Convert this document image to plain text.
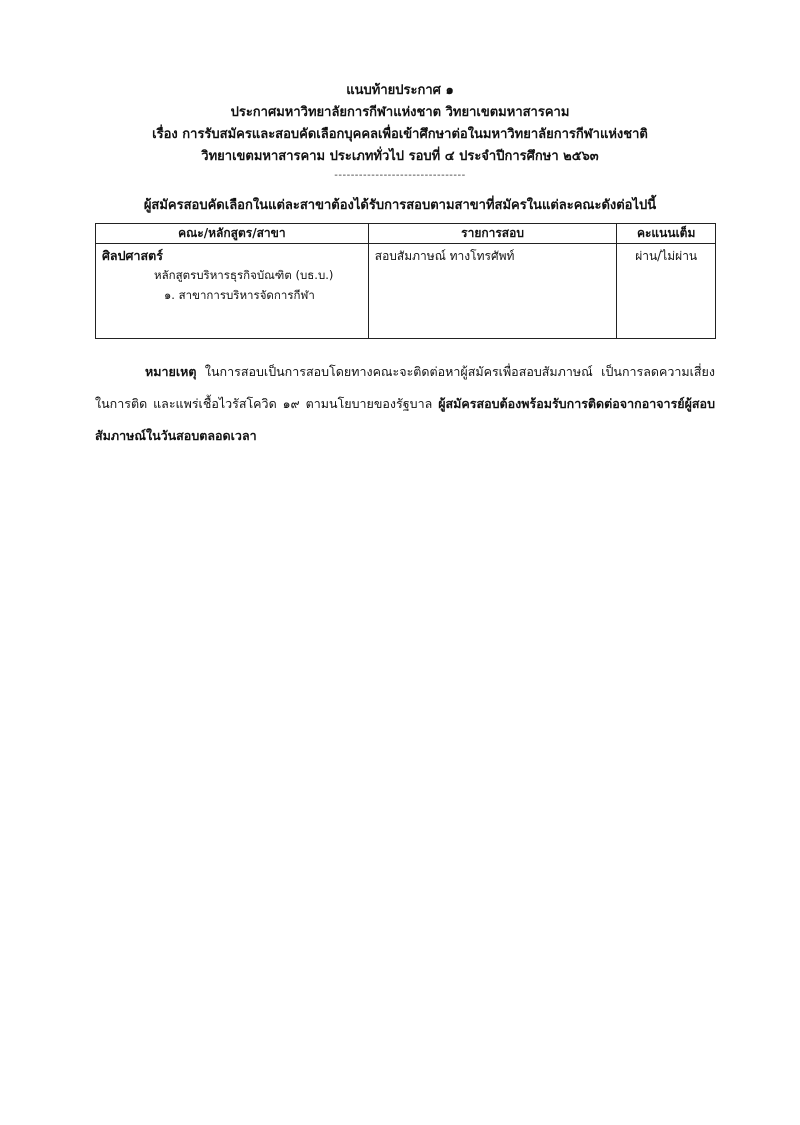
แนบท้ายประกาศ ๑
ประกาศมหาวิทยาลัยการกีฬาแห่งชาต วิทยาเขตมหาสารคาม
เรื่อง การรับสมัครและสอบคัดเลือกบุคคลเพื่อเข้าศึกษาต่อในมหาวิทยาลัยการกีฬาแห่งชาติ
วิทยาเขตมหาสารคาม ประเภททั่วไป รอบที่ ๔ ประจำปีการศึกษา ๒๕๖๓
--------------------------------
ผู้สมัครสอบคัดเลือกในแต่ละสาขาต้องได้รับการสอบตามสาขาที่สมัครในแต่ละคณะดังต่อไปนี้
คณะ/หลักสูตร/สาขา	รายการสอบ	คะแนนเต็ม

ศิลปศาสตร์
หลักสูตรบริหารธุรกิจบัณฑิต (บธ.บ.)
๑. สาขาการบริหารจัดการกีฬา	สอบสัมภาษณ์ ทางโทรศัพท์	ผ่าน/ไม่ผ่าน
หมายเหตุ ในการสอบเป็นการสอบโดยทางคณะจะติดต่อหาผู้สมัครเพื่อสอบสัมภาษณ์ เป็นการลดความเสี่ยงในการติด และแพร่เชื้อไวรัสโควิด ๑๙ ตามนโยบายของรัฐบาล ผู้สมัครสอบต้องพร้อมรับการติดต่อจากอาจารย์ผู้สอบสัมภาษณ์ในวันสอบตลอดเวลา
